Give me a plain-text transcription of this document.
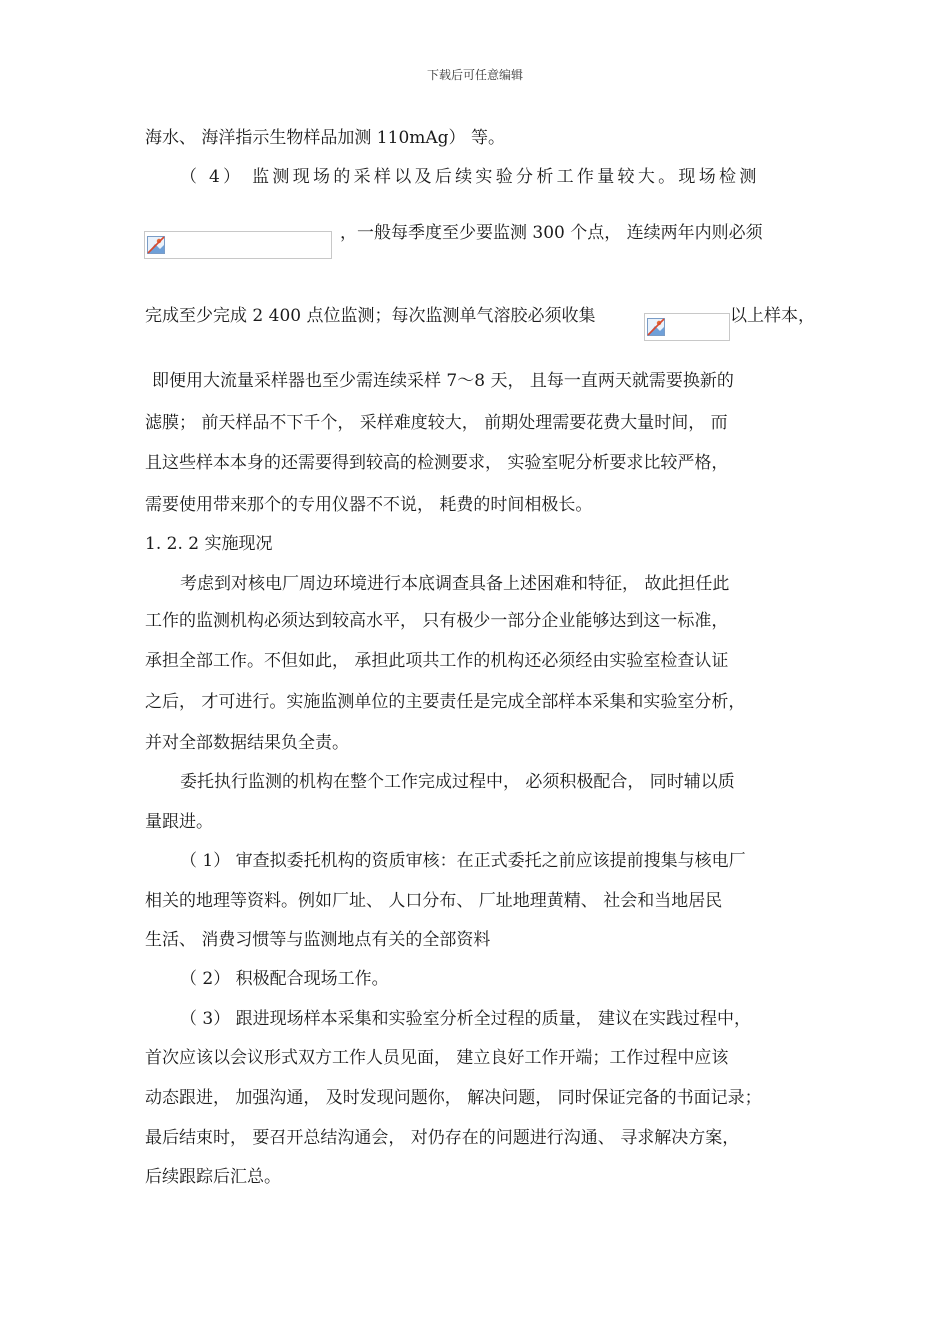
下载后可任意编辑
海水、 海洋指示生物样品加测 110mAg） 等。
（ 4） 监测现场的采样以及后续实验分析工作量较大。现场检测
，一般每季度至少要监测 300 个点， 连续两年内则必须
完成至少完成 2 400 点位监测；每次监测单气溶胶必须收集	以上样本，
即便用大流量采样器也至少需连续采样 7～8 天， 且每一直两天就需要换新的
滤膜； 前天样品不下千个， 采样难度较大， 前期处理需要花费大量时间， 而
且这些样本本身的还需要得到较高的检测要求， 实验室呢分析要求比较严格，
需要使用带来那个的专用仪器不不说， 耗费的时间相极长。
1. 2. 2 实施现况
考虑到对核电厂周边环境进行本底调查具备上述困难和特征， 故此担任此
工作的监测机构必须达到较高水平， 只有极少一部分企业能够达到这一标准，
承担全部工作。不但如此， 承担此项共工作的机构还必须经由实验室检查认证
之后， 才可进行。实施监测单位的主要责任是完成全部样本采集和实验室分析，
并对全部数据结果负全责。
委托执行监测的机构在整个工作完成过程中， 必须积极配合， 同时辅以质
量跟进。
（ 1） 审查拟委托机构的资质审核：在正式委托之前应该提前搜集与核电厂
相关的地理等资料。例如厂址、 人口分布、 厂址地理黄精、 社会和当地居民
生活、 消费习惯等与监测地点有关的全部资料
（ 2） 积极配合现场工作。
（ 3） 跟进现场样本采集和实验室分析全过程的质量， 建议在实践过程中，
首次应该以会议形式双方工作人员见面， 建立良好工作开端；工作过程中应该
动态跟进， 加强沟通， 及时发现问题你， 解决问题， 同时保证完备的书面记录；
最后结束时， 要召开总结沟通会， 对仍存在的问题进行沟通、 寻求解决方案，
后续跟踪后汇总。
